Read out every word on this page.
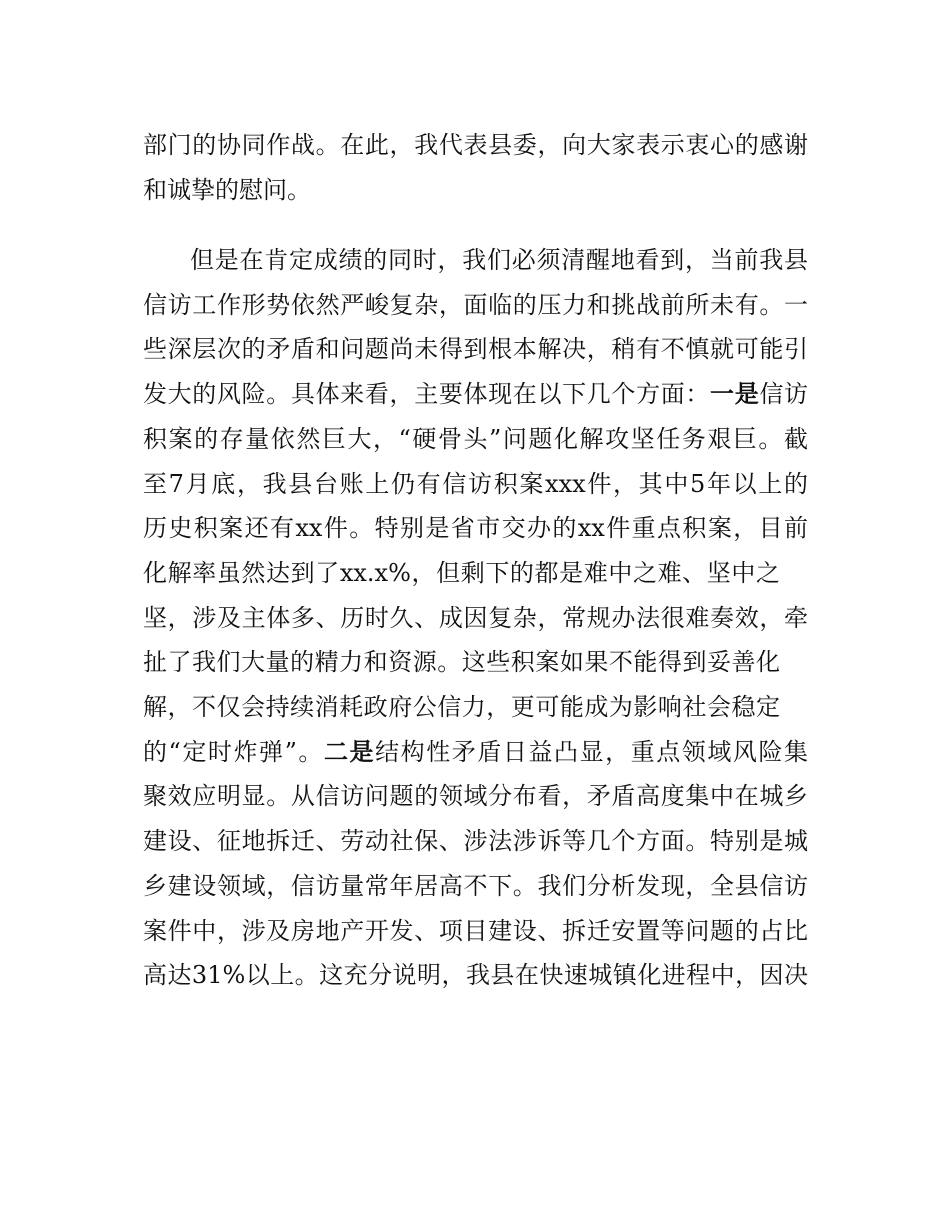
部门的协同作战。在此，我代表县委，向大家表示衷心的感谢
和诚挚的慰问。
但是在肯定成绩的同时，我们必须清醒地看到，当前我县
信访工作形势依然严峻复杂，面临的压力和挑战前所未有。一
些深层次的矛盾和问题尚未得到根本解决，稍有不慎就可能引
发大的风险。具体来看，主要体现在以下几个方面：一是信访
积案的存量依然巨大，“硬骨头”问题化解攻坚任务艰巨。截
至7月底，我县台账上仍有信访积案xxx件，其中5年以上的
历史积案还有xx件。特别是省市交办的xx件重点积案，目前
化解率虽然达到了xx.x%，但剩下的都是难中之难、坚中之
坚，涉及主体多、历时久、成因复杂，常规办法很难奏效，牵
扯了我们大量的精力和资源。这些积案如果不能得到妥善化
解，不仅会持续消耗政府公信力，更可能成为影响社会稳定
的“定时炸弹”。二是结构性矛盾日益凸显，重点领域风险集
聚效应明显。从信访问题的领域分布看，矛盾高度集中在城乡
建设、征地拆迁、劳动社保、涉法涉诉等几个方面。特别是城
乡建设领域，信访量常年居高不下。我们分析发现，全县信访
案件中，涉及房地产开发、项目建设、拆迁安置等问题的占比
高达31%以上。这充分说明，我县在快速城镇化进程中，因决
